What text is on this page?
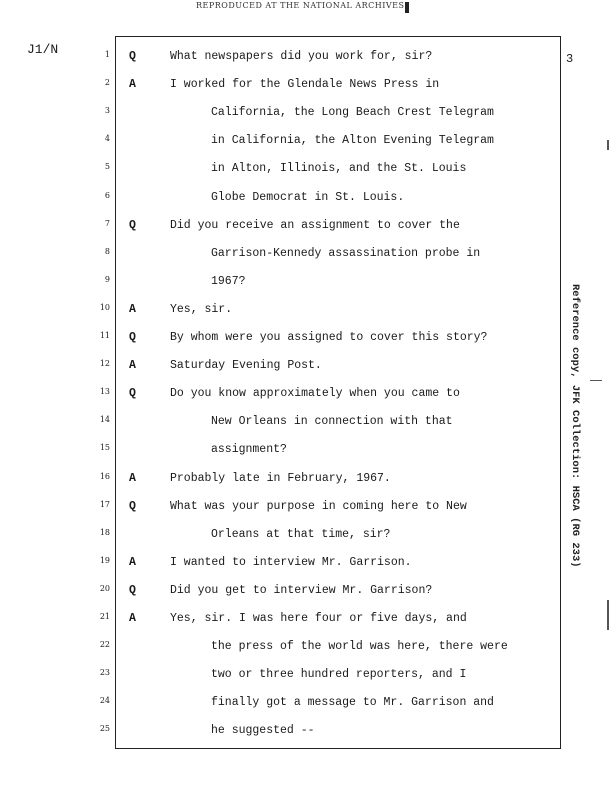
REPRODUCED AT THE NATIONAL ARCHIVES
J1/N
3
Reference copy, JFK Collection: HSCA (RG 233)
1 Q	What newspapers did you work for, sir?
2 A	I worked for the Glendale News Press in
3	California, the Long Beach Crest Telegram
4	in California, the Alton Evening Telegram
5	in Alton, Illinois, and the St. Louis
6	Globe Democrat in St. Louis.
7 Q	Did you receive an assignment to cover the
8	Garrison-Kennedy assassination probe in
9	1967?
10 A	Yes, sir.
11 Q	By whom were you assigned to cover this story?
12 A	Saturday Evening Post.
13 Q	Do you know approximately when you came to
14	New Orleans in connection with that
15	assignment?
16 A	Probably late in February, 1967.
17 Q	What was your purpose in coming here to New
18	Orleans at that time, sir?
19 A	I wanted to interview Mr. Garrison.
20 Q	Did you get to interview Mr. Garrison?
21 A	Yes, sir. I was here four or five days, and
22	the press of the world was here, there were
23	two or three hundred reporters, and I
24	finally got a message to Mr. Garrison and
25	he suggested --
